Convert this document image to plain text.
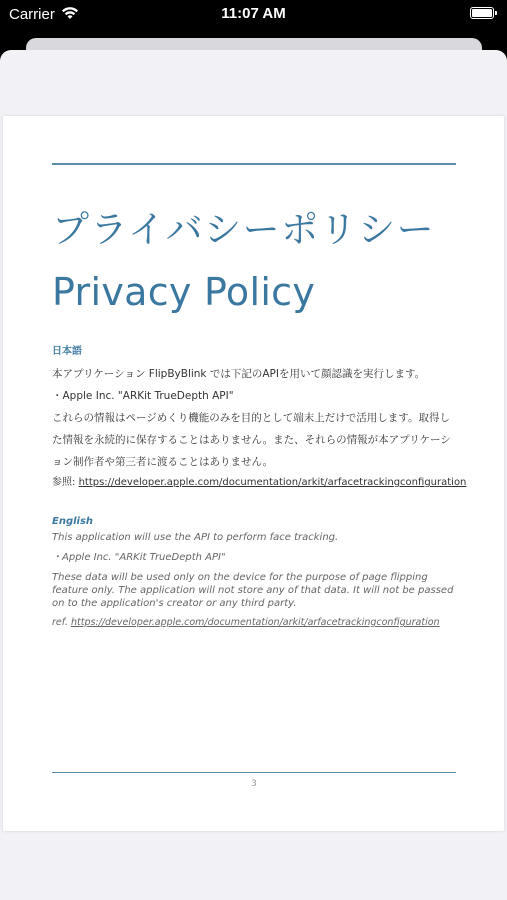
Carrier	11:07 AM
プライバシーポリシー
Privacy Policy
日本語

本アプリケーション FlipByBlink では下記のAPIを用いて顔認識を実行します。

・Apple Inc. "ARKit TrueDepth API"

これらの情報はページめくり機能のみを目的として端末上だけで活用します。取得した情報を永続的に保存することはありません。また、それらの情報が本アプリケーション制作者や第三者に渡ることはありません。

参照: https://developer.apple.com/documentation/arkit/arfacetrackingconfiguration
English

This application will use the API to perform face tracking.

・Apple Inc. "ARKit TrueDepth API"

These data will be used only on the device for the purpose of page flipping feature only. The application will not store any of that data. It will not be passed on to the application's creator or any third party.

ref. https://developer.apple.com/documentation/arkit/arfacetrackingconfiguration
3
